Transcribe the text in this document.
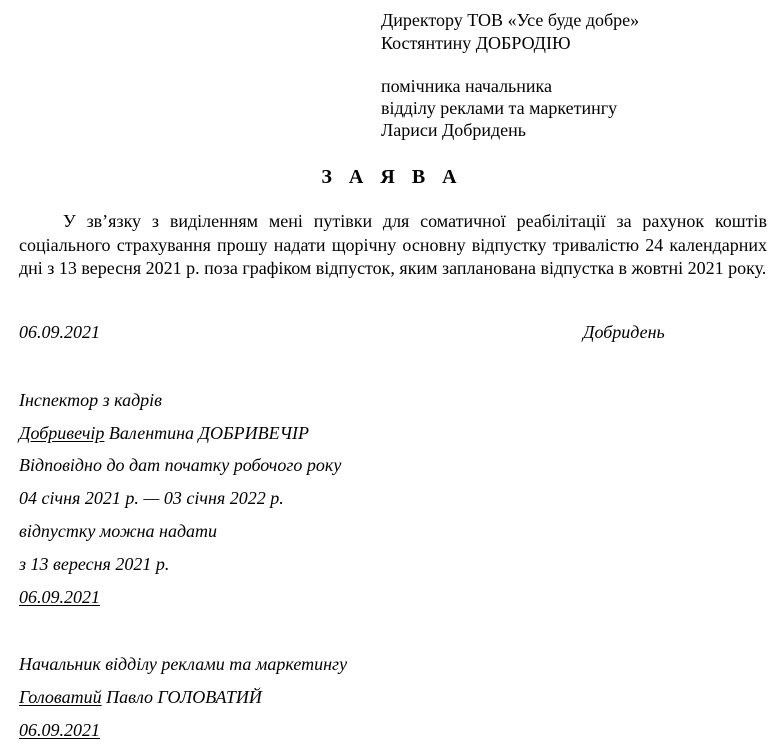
Директору ТОВ «Усе буде добре»
Костянтину ДОБРОДІЮ
помічника начальника
відділу реклами та маркетингу
Лариси Добридень
З А Я В А
У зв’язку з виділенням мені путівки для соматичної реабілітації за рахунок коштів соціального страхування прошу надати щорічну основну відпустку тривалістю 24 календарних дні з 13 вересня 2021 р. поза графіком відпусток, яким запланована відпустка в жовтні 2021 року.
06.09.2021	Добридень
Інспектор з кадрів
Добривечір Валентина ДОБРИВЕЧІР
Відповідно до дат початку робочого року
04 січня 2021 р. — 03 січня 2022 р.
відпустку можна надати
з 13 вересня 2021 р.
06.09.2021
Начальник відділу реклами та маркетингу
Головатий Павло ГОЛОВАТИЙ
06.09.2021
